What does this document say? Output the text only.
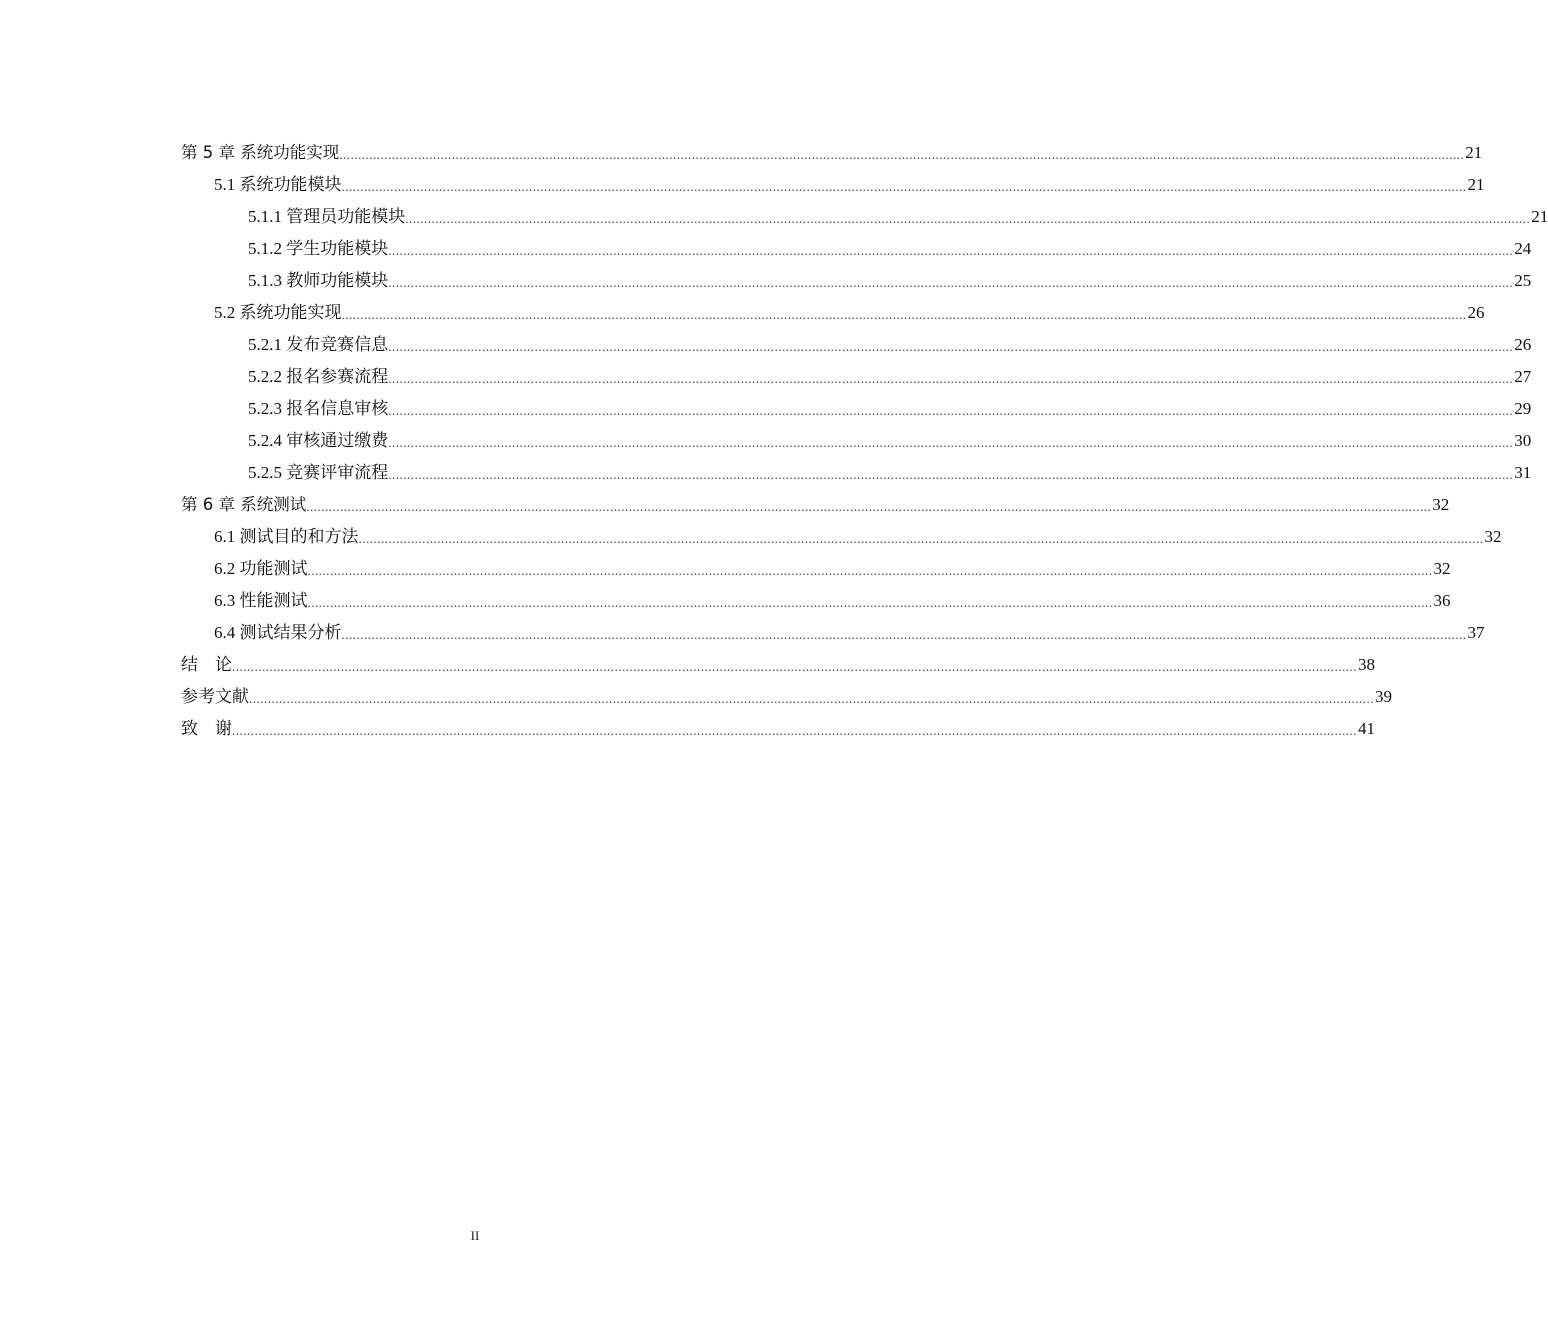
第 5 章 系统功能实现 ............................................................................................................................................................................................................................................................................................................ 21
5.1 系统功能模块 ............................................................................................................................................................................................................................................................................................................ 21
5.1.1 管理员功能模块 ............................................................................................................................................................................................................................................................................................................ 21
5.1.2 学生功能模块 ............................................................................................................................................................................................................................................................................................................ 24
5.1.3 教师功能模块 ............................................................................................................................................................................................................................................................................................................ 25
5.2 系统功能实现 ............................................................................................................................................................................................................................................................................................................ 26
5.2.1 发布竞赛信息 ............................................................................................................................................................................................................................................................................................................ 26
5.2.2 报名参赛流程 ............................................................................................................................................................................................................................................................................................................ 27
5.2.3 报名信息审核 ............................................................................................................................................................................................................................................................................................................ 29
5.2.4 审核通过缴费 ............................................................................................................................................................................................................................................................................................................ 30
5.2.5 竞赛评审流程 ............................................................................................................................................................................................................................................................................................................ 31
第 6 章 系统测试 ............................................................................................................................................................................................................................................................................................................ 32
6.1 测试目的和方法 ............................................................................................................................................................................................................................................................................................................ 32
6.2 功能测试 ............................................................................................................................................................................................................................................................................................................ 32
6.3 性能测试 ............................................................................................................................................................................................................................................................................................................ 36
6.4 测试结果分析 ............................................................................................................................................................................................................................................................................................................ 37
结　论 ............................................................................................................................................................................................................................................................................................................ 38
参考文献 ............................................................................................................................................................................................................................................................................................................ 39
致　谢 ............................................................................................................................................................................................................................................................................................................ 41
II
